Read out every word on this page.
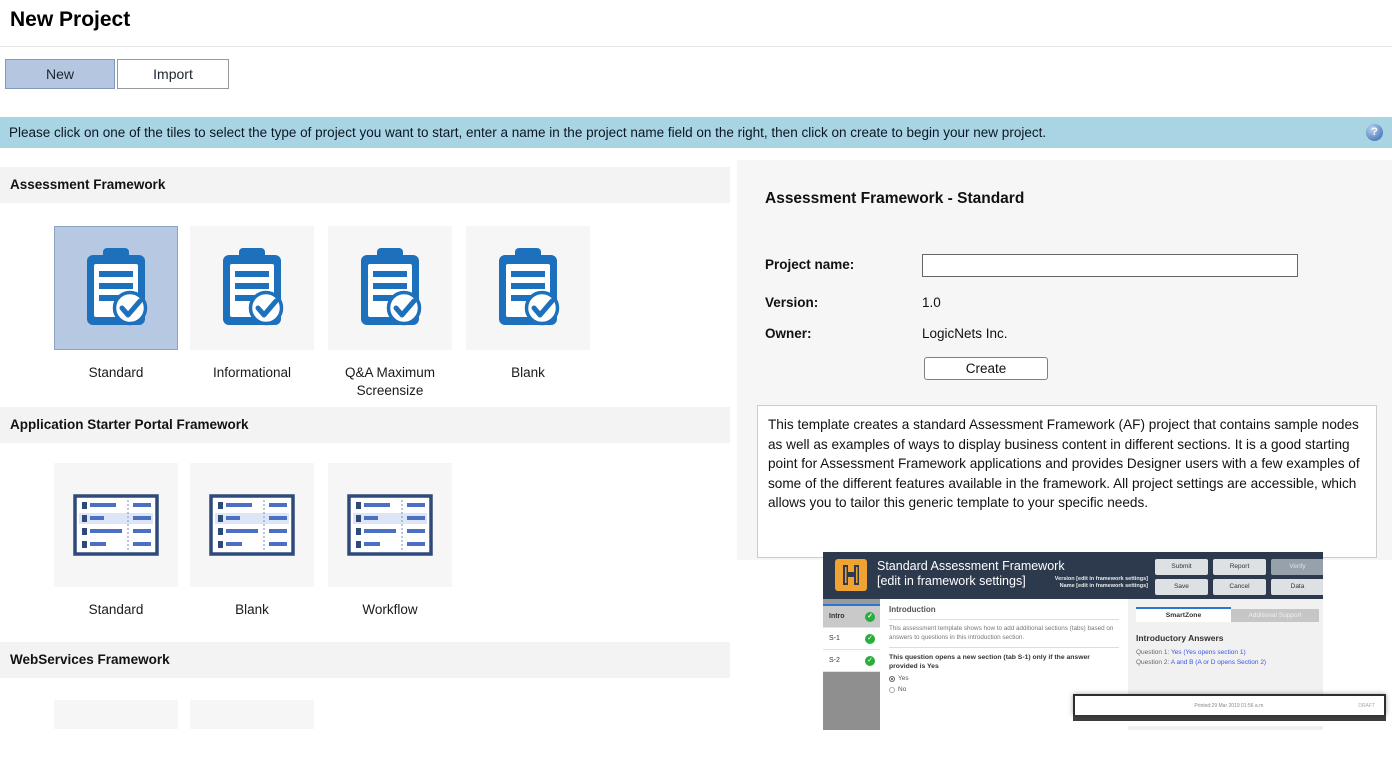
New Project
New	Import
Please click on one of the tiles to select the type of project you want to start, enter a name in the project name field on the right, then click on create to begin your new project.	?
Assessment Framework
Standard	Informational	Q&A Maximum Screensize
Blank
Application Starter Portal Framework
Standard	Blank	Workflow
WebServices Framework
Assessment Framework - Standard
Project name:
Version:	1.0
Owner:	LogicNets Inc.
Create
This template creates a standard Assessment Framework (AF) project that contains sample nodes as well as examples of ways to display business content in different sections. It is a good starting point for Assessment Framework applications and provides Designer users with a few examples of some of the different features available in the framework. All project settings are accessible, which allows you to tailor this generic template to your specific needs.
Standard Assessment Framework
[edit in framework settings]	Version [edit in framework settings]
Name [edit in framework settings]
Submit	Report	Verify
Save	Cancel	Data
Intro	✓
S-1	✓
S-2	✓
Introduction
This assessment template shows how to add additional sections (tabs) based on answers to questions in this introduction section.
This question opens a new section (tab S-1) only if the answer provided is Yes
Yes
No
SmartZone	Additional Support
Introductory Answers
Question 1: Yes (Yes opens section 1)
Question 2: A and B (A or D opens Section 2)
Printed:29 Mar 2019 01:56 a.m.	DRAFT
